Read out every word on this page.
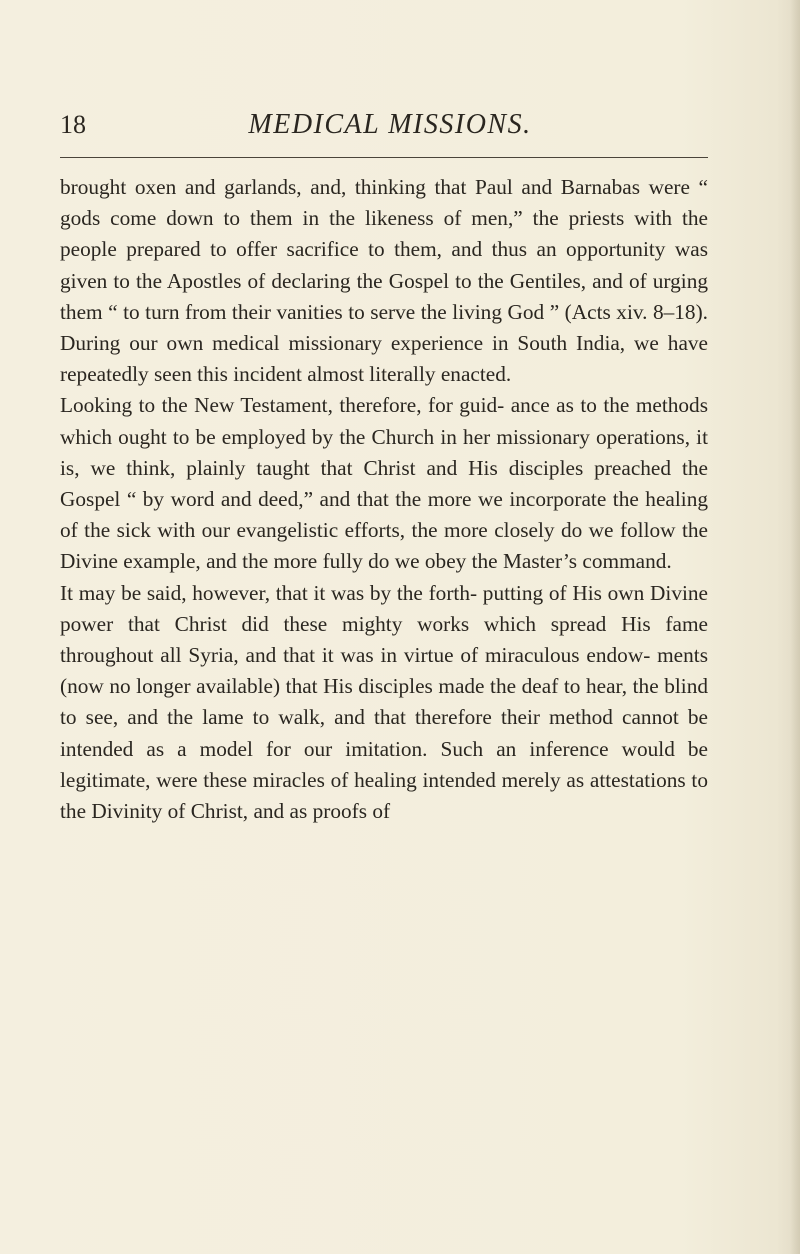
18	MEDICAL MISSIONS.

brought oxen and garlands, and, thinking that Paul and Barnabas were “ gods come down to them in the likeness of men,” the priests with the people prepared to offer sacrifice to them, and thus an opportunity was given to the Apostles of declaring the Gospel to the Gentiles, and of urging them “ to turn from their vanities to serve the living God ” (Acts xiv. 8–18). During our own medical missionary experience in South India, we have repeatedly seen this incident almost literally enacted.

Looking to the New Testament, therefore, for guid- ance as to the methods which ought to be employed by the Church in her missionary operations, it is, we think, plainly taught that Christ and His disciples preached the Gospel “ by word and deed,” and that the more we incorporate the healing of the sick with our evangelistic efforts, the more closely do we follow the Divine example, and the more fully do we obey the Master’s command.

It may be said, however, that it was by the forth- putting of His own Divine power that Christ did these mighty works which spread His fame throughout all Syria, and that it was in virtue of miraculous endow- ments (now no longer available) that His disciples made the deaf to hear, the blind to see, and the lame to walk, and that therefore their method cannot be intended as a model for our imitation. Such an inference would be legitimate, were these miracles of healing intended merely as attestations to the Divinity of Christ, and as proofs of
